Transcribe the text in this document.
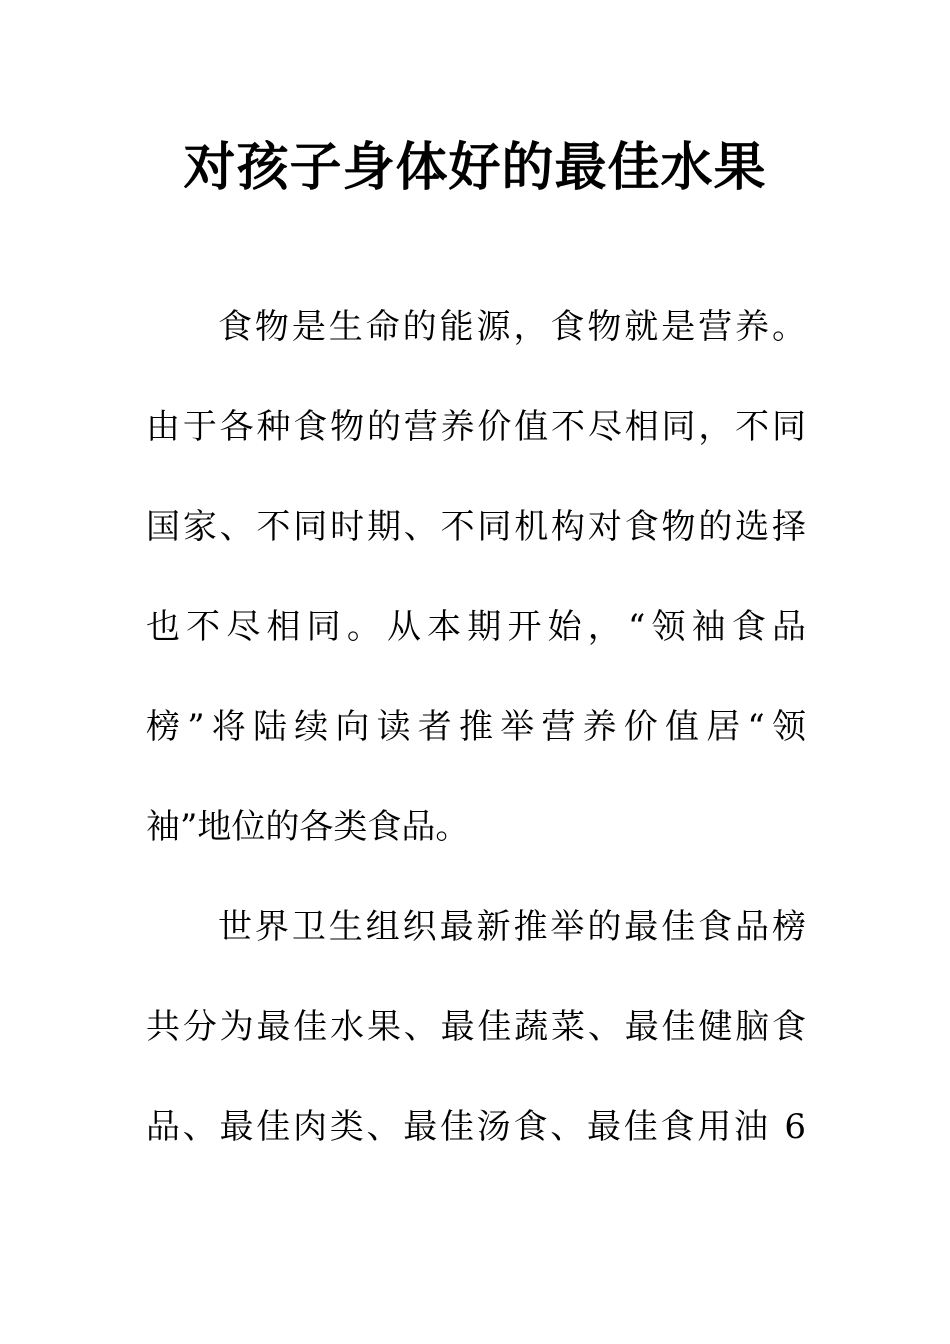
对孩子身体好的最佳水果
食物是生命的能源，食物就是营养。
由于各种食物的营养价值不尽相同，不同
国家、不同时期、不同机构对食物的选择
也不尽相同。从本期开始，“领袖食品
榜”将陆续向读者推举营养价值居“领
袖”地位的各类食品。
世界卫生组织最新推举的最佳食品榜
共分为最佳水果、最佳蔬菜、最佳健脑食
品、最佳肉类、最佳汤食、最佳食用油 6
